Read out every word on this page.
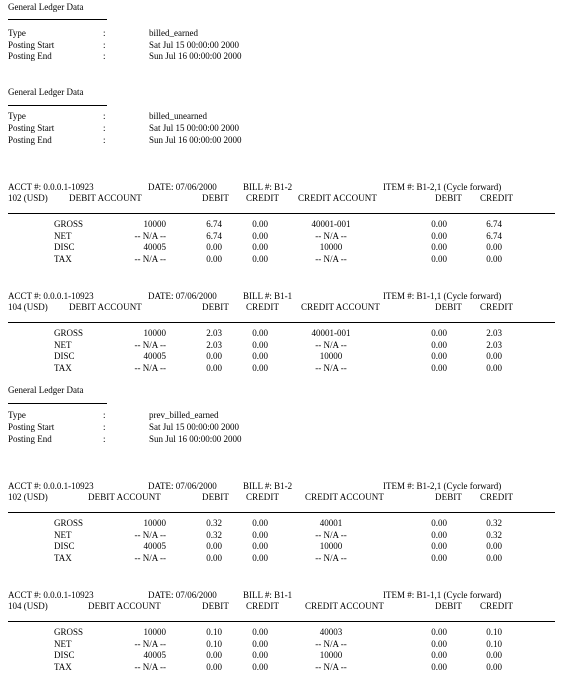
General Ledger Data
Type	:	billed_earned
Posting Start	:	Sat Jul 15 00:00:00 2000
Posting End	:	Sun Jul 16 00:00:00 2000
General Ledger Data
Type	:	billed_unearned
Posting Start	:	Sat Jul 15 00:00:00 2000
Posting End	:	Sun Jul 16 00:00:00 2000
General Ledger Data
Type	:	prev_billed_earned
Posting Start	:	Sat Jul 15 00:00:00 2000
Posting End	:	Sun Jul 16 00:00:00 2000
ACCT #: 0.0.0.1-10923	DATE: 07/06/2000	BILL #: B1-2	ITEM #: B1-2,1 (Cycle forward)
102 (USD) DEBIT ACCOUNT	DEBIT CREDIT CREDIT ACCOUNT	DEBIT CREDIT
GROSS	10000	6.74	0.00	40001-001	0.00	6.74
NET	-- N/A --	6.74	0.00	-- N/A --	0.00	6.74
DISC	40005	0.00	0.00	10000	0.00	0.00
TAX	-- N/A --	0.00	0.00	-- N/A --	0.00	0.00
ACCT #: 0.0.0.1-10923	DATE: 07/06/2000	BILL #: B1-1	ITEM #: B1-1,1 (Cycle forward)
104 (USD) DEBIT ACCOUNT	DEBIT CREDIT CREDIT ACCOUNT	DEBIT CREDIT
GROSS	10000	2.03	0.00	40001-001	0.00	2.03
NET	-- N/A --	2.03	0.00	-- N/A --	0.00	2.03
DISC	40005	0.00	0.00	10000	0.00	0.00
TAX	-- N/A --	0.00	0.00	-- N/A --	0.00	0.00
ACCT #: 0.0.0.1-10923	DATE: 07/06/2000	BILL #: B1-2	ITEM #: B1-2,1 (Cycle forward)
102 (USD)	DEBIT ACCOUNT	DEBIT CREDIT	CREDIT ACCOUNT	DEBIT CREDIT
GROSS	10000	0.32	0.00	40001	0.00	0.32
NET	-- N/A --	0.32	0.00	-- N/A --	0.00	0.32
DISC	40005	0.00	0.00	10000	0.00	0.00
TAX	-- N/A --	0.00	0.00	-- N/A --	0.00	0.00
ACCT #: 0.0.0.1-10923	DATE: 07/06/2000	BILL #: B1-1	ITEM #: B1-1,1 (Cycle forward)
104 (USD)	DEBIT ACCOUNT	DEBIT CREDIT	CREDIT ACCOUNT	DEBIT CREDIT
GROSS	10000	0.10	0.00	40003	0.00	0.10
NET	-- N/A --	0.10	0.00	-- N/A --	0.00	0.10
DISC	40005	0.00	0.00	10000	0.00	0.00
TAX	-- N/A --	0.00	0.00	-- N/A --	0.00	0.00
